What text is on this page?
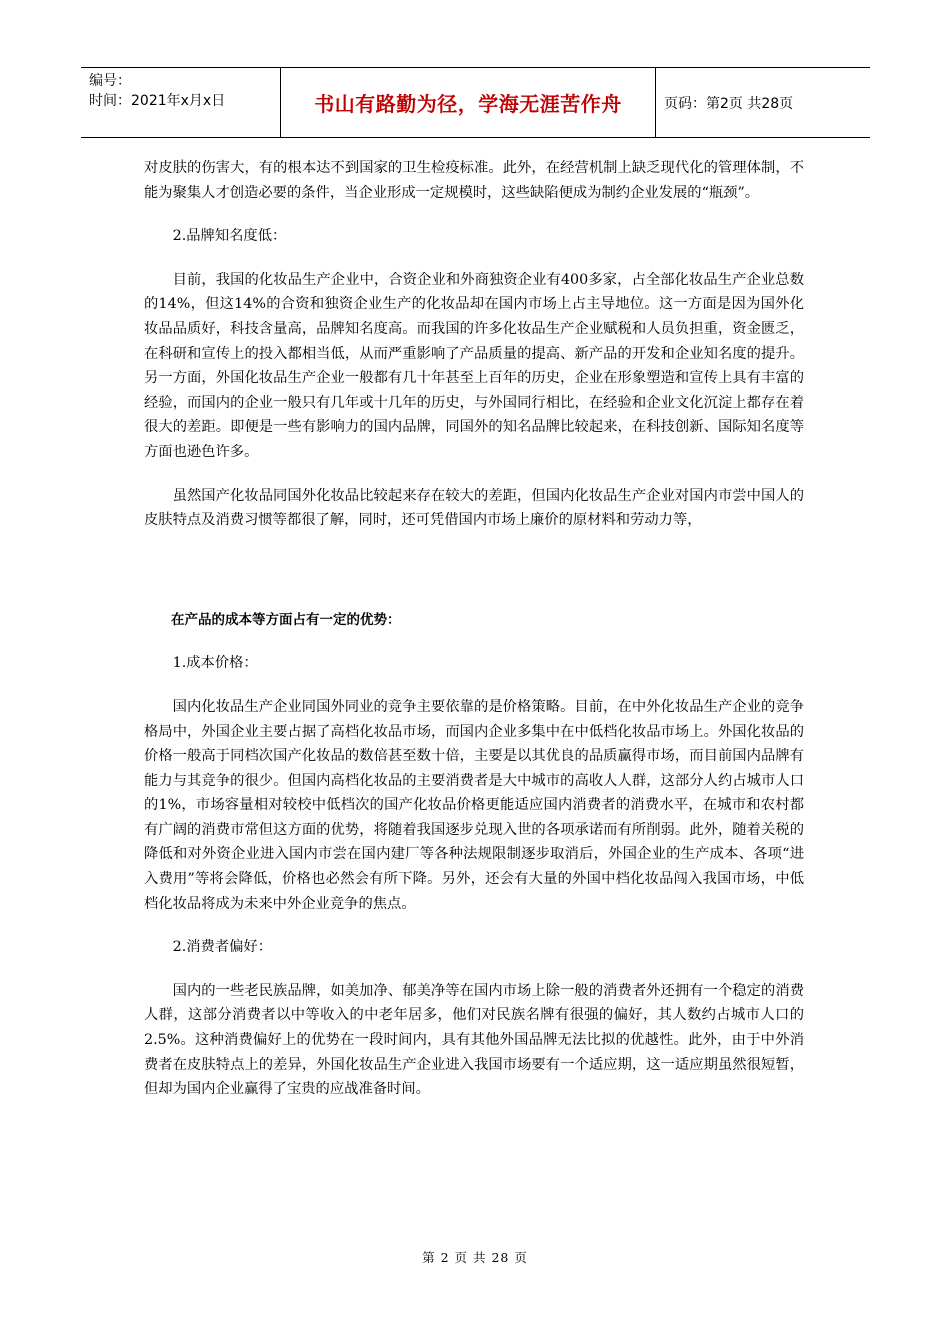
编号：
时间：2021年x月x日	书山有路勤为径，学海无涯苦作舟	页码：第2页 共28页

对皮肤的伤害大，有的根本达不到国家的卫生检疫标准。此外，在经营机制上缺乏现代化的管理体制，不能为聚集人才创造必要的条件，当企业形成一定规模时，这些缺陷便成为制约企业发展的“瓶颈”。

2.品牌知名度低：

目前，我国的化妆品生产企业中，合资企业和外商独资企业有400多家，占全部化妆品生产企业总数的14%，但这14%的合资和独资企业生产的化妆品却在国内市场上占主导地位。这一方面是因为国外化妆品品质好，科技含量高，品牌知名度高。而我国的许多化妆品生产企业赋税和人员负担重，资金匮乏，在科研和宣传上的投入都相当低，从而严重影响了产品质量的提高、新产品的开发和企业知名度的提升。另一方面，外国化妆品生产企业一般都有几十年甚至上百年的历史，企业在形象塑造和宣传上具有丰富的经验，而国内的企业一般只有几年或十几年的历史，与外国同行相比，在经验和企业文化沉淀上都存在着很大的差距。即便是一些有影响力的国内品牌，同国外的知名品牌比较起来，在科技创新、国际知名度等方面也逊色许多。

虽然国产化妆品同国外化妆品比较起来存在较大的差距，但国内化妆品生产企业对国内市尝中国人的皮肤特点及消费习惯等都很了解，同时，还可凭借国内市场上廉价的原材料和劳动力等，

在产品的成本等方面占有一定的优势：

1.成本价格：

国内化妆品生产企业同国外同业的竞争主要依靠的是价格策略。目前，在中外化妆品生产企业的竞争格局中，外国企业主要占据了高档化妆品市场，而国内企业多集中在中低档化妆品市场上。外国化妆品的价格一般高于同档次国产化妆品的数倍甚至数十倍，主要是以其优良的品质赢得市场，而目前国内品牌有能力与其竞争的很少。但国内高档化妆品的主要消费者是大中城市的高收人人群，这部分人约占城市人口的1%，市场容量相对较校中低档次的国产化妆品价格更能适应国内消费者的消费水平，在城市和农村都有广阔的消费市常但这方面的优势，将随着我国逐步兑现入世的各项承诺而有所削弱。此外，随着关税的降低和对外资企业进入国内市尝在国内建厂等各种法规限制逐步取消后，外国企业的生产成本、各项“进入费用”等将会降低，价格也必然会有所下降。另外，还会有大量的外国中档化妆品闯入我国市场，中低档化妆品将成为未来中外企业竞争的焦点。

2.消费者偏好：

国内的一些老民族品牌，如美加净、郁美净等在国内市场上除一般的消费者外还拥有一个稳定的消费人群，这部分消费者以中等收入的中老年居多，他们对民族名牌有很强的偏好，其人数约占城市人口的2.5%。这种消费偏好上的优势在一段时间内，具有其他外国品牌无法比拟的优越性。此外，由于中外消费者在皮肤特点上的差异，外国化妆品生产企业进入我国市场要有一个适应期，这一适应期虽然很短暂，但却为国内企业赢得了宝贵的应战准备时间。

第 2 页 共 28 页
